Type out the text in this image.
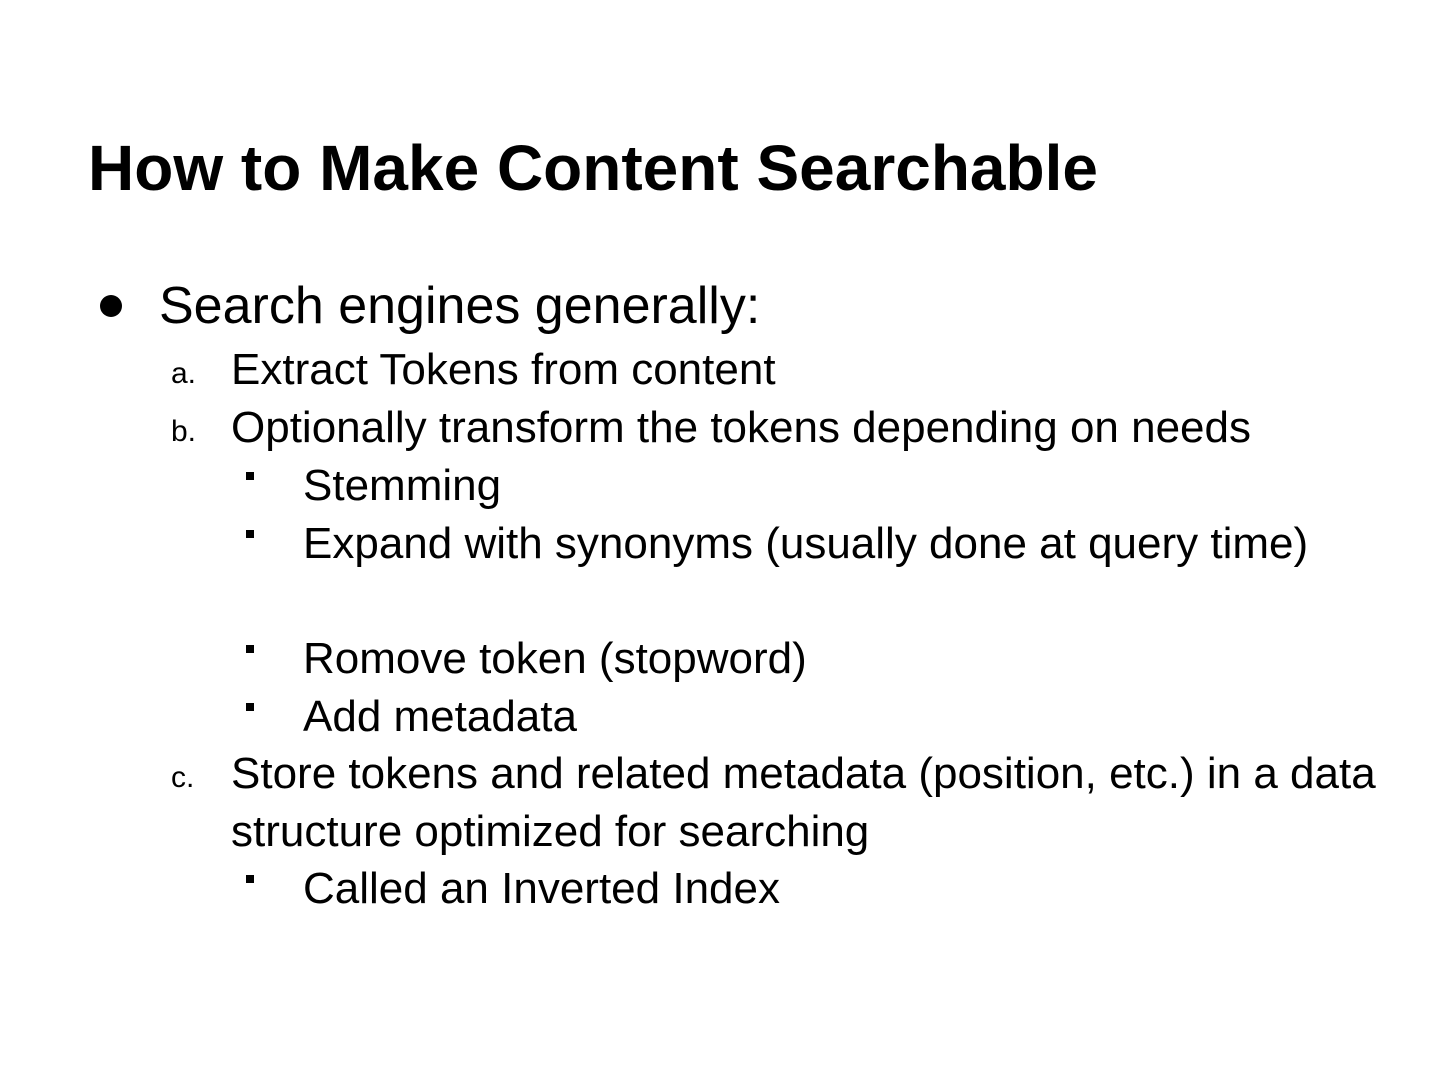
How to Make Content Searchable
Search engines generally:
a. Extract Tokens from content
b. Optionally transform the tokens depending on needs
Stemming
Expand with synonyms (usually done at query time)
Romove token (stopword)
Add metadata
c. Store tokens and related metadata (position, etc.) in a data structure optimized for searching
Called an Inverted Index
